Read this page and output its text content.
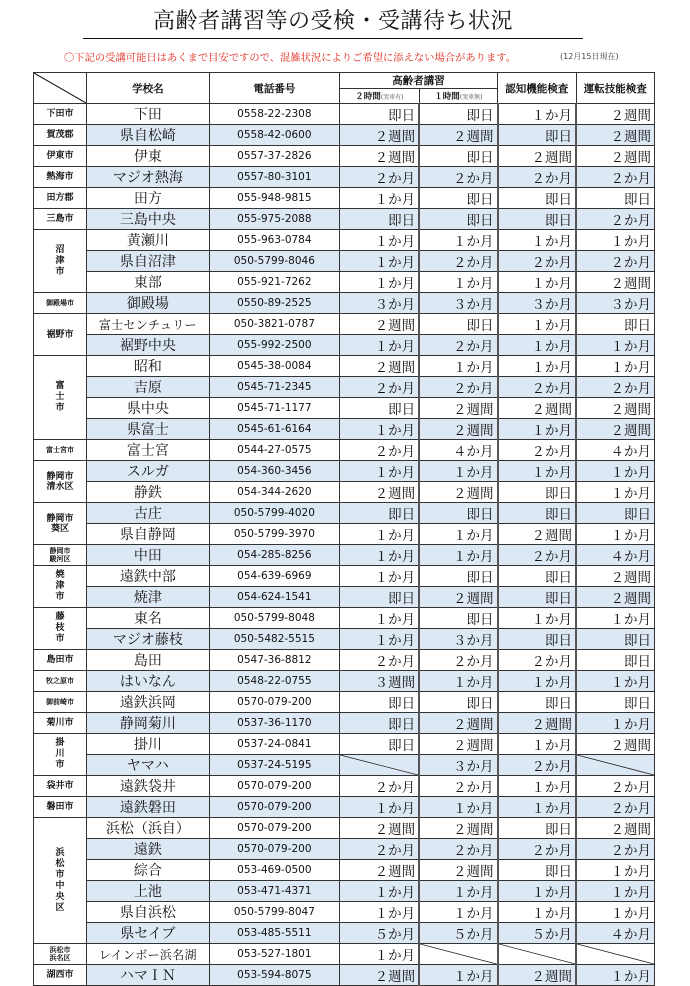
高齢者講習等の受検・受講待ち状況
〇下記の受講可能日はあくまで目安ですので、混雑状況によりご希望に添えない場合があります。	(12月15日現在)
	学校名	電話番号	高齢者講習		認知機能検査	運転技能検査
			２時間(実車有)	１時間(実車無)		

下田市	下田	0558-22-2308	即日	即日	１か月	２週間

賀茂郡	県自松崎	0558-42-0600	２週間	２週間	即日	２週間

伊東市	伊東	0557-37-2826	２週間	即日	２週間	２週間

熱海市	マジオ熱海	0557-80-3101	２か月	２か月	２か月	２か月

田方郡	田方	055-948-9815	１か月	即日	即日	即日

三島市	三島中央	055-975-2088	即日	即日	即日	２か月

沼津市	黄瀬川	055-963-0784	１か月	１か月	１か月	１か月
	県自沼津	050-5799-8046	１か月	２か月	２か月	２か月
	東部	055-921-7262	１か月	１か月	１か月	２週間

御殿場市	御殿場	0550-89-2525	３か月	３か月	３か月	３か月

裾野市	富士センチュリー	050-3821-0787	２週間	即日	１か月	即日
	裾野中央	055-992-2500	１か月	２か月	１か月	１か月

富士市	昭和	0545-38-0084	２週間	１か月	１か月	１か月
	吉原	0545-71-2345	２か月	２か月	２か月	２か月
	県中央	0545-71-1177	即日	２週間	２週間	２週間
	県富士	0545-61-6164	１か月	２週間	１か月	２週間

富士宮市	富士宮	0544-27-0575	２か月	４か月	２か月	４か月

静岡市清水区	スルガ	054-360-3456	１か月	１か月	１か月	１か月
	静鉄	054-344-2620	２週間	２週間	即日	１か月

静岡市葵区	古庄	050-5799-4020	即日	即日	即日	即日
	県自静岡	050-5799-3970	１か月	１か月	２週間	１か月

静岡市駿河区	中田	054-285-8256	１か月	１か月	２か月	４か月

焼津市	遠鉄中部	054-639-6969	１か月	即日	即日	２週間
	焼津	054-624-1541	即日	２週間	即日	２週間

藤枝市	東名	050-5799-8048	１か月	即日	１か月	１か月
	マジオ藤枝	050-5482-5515	１か月	３か月	即日	即日

島田市	島田	0547-36-8812	２か月	２か月	２か月	即日

牧之原市	はいなん	0548-22-0755	３週間	１か月	１か月	１か月

御前崎市	遠鉄浜岡	0570-079-200	即日	即日	即日	即日

菊川市	静岡菊川	0537-36-1170	即日	２週間	２週間	１か月

掛川市	掛川	0537-24-0841	即日	２週間	１か月	２週間
	ヤマハ	0537-24-5195		３か月	２か月	

袋井市	遠鉄袋井	0570-079-200	２か月	２か月	１か月	２か月

磐田市	遠鉄磐田	0570-079-200	１か月	１か月	１か月	２か月

浜松市中央区	浜松（浜自）	0570-079-200	２週間	２週間	即日	２週間
	遠鉄	0570-079-200	２か月	２か月	２か月	２か月
	綜合	053-469-0500	２週間	２週間	即日	１か月
	上池	053-471-4371	１か月	１か月	１か月	１か月
	県自浜松	050-5799-8047	１か月	１か月	１か月	１か月
	県セイブ	053-485-5511	５か月	５か月	５か月	４か月

浜松市浜名区	レインボー浜名湖	053-527-1801	１か月	

湖西市	ハマＩＮ	053-594-8075	２週間	１か月	２週間	１か月
